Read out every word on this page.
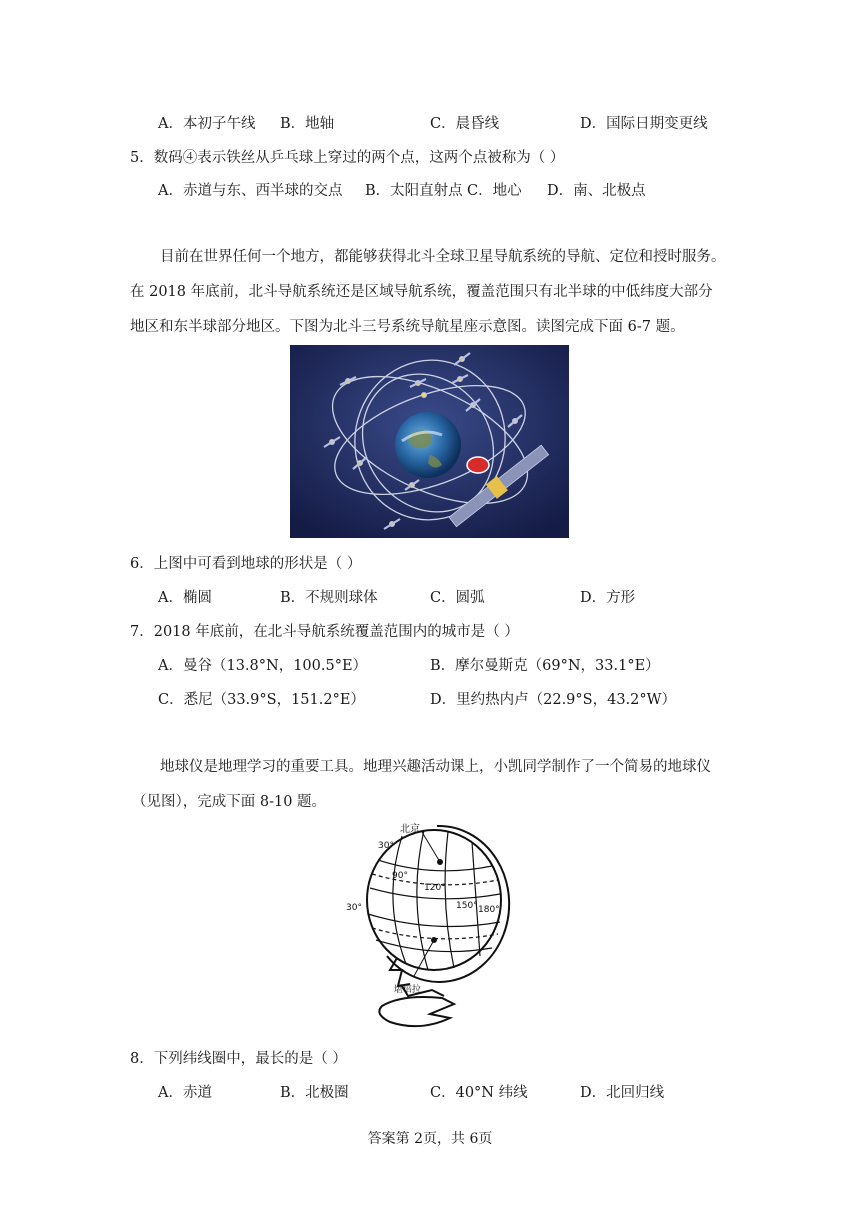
A．本初子午线 B．地轴	C．晨昏线	D．国际日期变更线
5．数码④表示铁丝从乒乓球上穿过的两个点，这两个点被称为（ ）
A．赤道与东、西半球的交点 B．太阳直射点 C．地心 D．南、北极点
目前在世界任何一个地方，都能够获得北斗全球卫星导航系统的导航、定位和授时服务。
在 2018 年底前，北斗导航系统还是区域导航系统，覆盖范围只有北半球的中低纬度大部分
地区和东半球部分地区。下图为北斗三号系统导航星座示意图。读图完成下面 6-7 题。
6．上图中可看到地球的形状是（ ）
A．椭圆	B．不规则球体	C．圆弧	D．方形
7．2018 年底前，在北斗导航系统覆盖范围内的城市是（ ）
A．曼谷（13.8°N，100.5°E）	B．摩尔曼斯克（69°N，33.1°E）
C．悉尼（33.9°S，151.2°E）	D．里约热内卢（22.9°S，43.2°W）
地球仪是地理学习的重要工具。地理兴趣活动课上，小凯同学制作了一个简易的地球仪
（见图），完成下面 8-10 题。
北京
30°
30°
90°
120°
150° 180°
堪培拉
8．下列纬线圈中，最长的是（ ）
A．赤道	B．北极圈	C．40°N 纬线	D．北回归线
答案第 2页，共 6页
